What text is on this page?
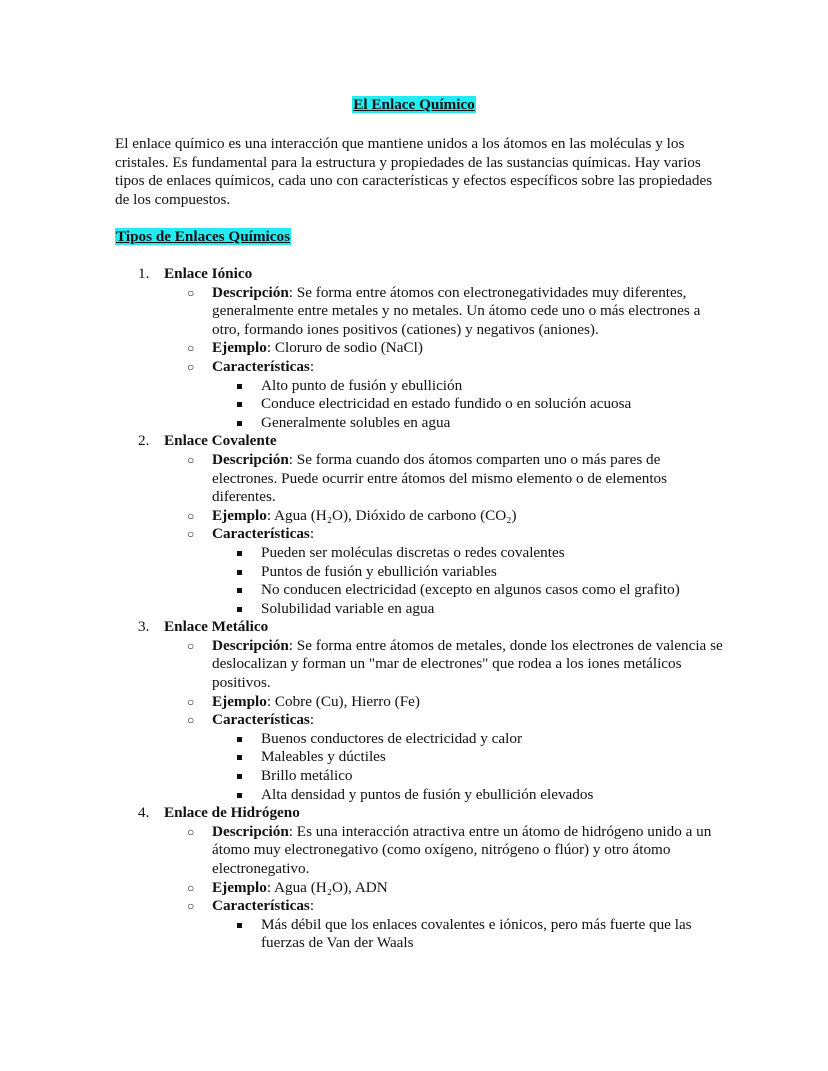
El Enlace Químico

El enlace químico es una interacción que mantiene unidos a los átomos en las moléculas y los cristales. Es fundamental para la estructura y propiedades de las sustancias químicas. Hay varios tipos de enlaces químicos, cada uno con características y efectos específicos sobre las propiedades de los compuestos.

Tipos de Enlaces Químicos

1. Enlace Iónico
○ Descripción: Se forma entre átomos con electronegatividades muy diferentes, generalmente entre metales y no metales. Un átomo cede uno o más electrones a otro, formando iones positivos (cationes) y negativos (aniones).
○ Ejemplo: Cloruro de sodio (NaCl)
○ Características:
Alto punto de fusión y ebullición
Conduce electricidad en estado fundido o en solución acuosa
Generalmente solubles en agua
2. Enlace Covalente
○ Descripción: Se forma cuando dos átomos comparten uno o más pares de electrones. Puede ocurrir entre átomos del mismo elemento o de elementos diferentes.
○ Ejemplo: Agua (H₂O), Dióxido de carbono (CO₂)
○ Características:
Pueden ser moléculas discretas o redes covalentes
Puntos de fusión y ebullición variables
No conducen electricidad (excepto en algunos casos como el grafito)
Solubilidad variable en agua
3. Enlace Metálico
○ Descripción: Se forma entre átomos de metales, donde los electrones de valencia se deslocalizan y forman un "mar de electrones" que rodea a los iones metálicos positivos.
○ Ejemplo: Cobre (Cu), Hierro (Fe)
○ Características:
Buenos conductores de electricidad y calor
Maleables y dúctiles
Brillo metálico
Alta densidad y puntos de fusión y ebullición elevados
4. Enlace de Hidrógeno
○ Descripción: Es una interacción atractiva entre un átomo de hidrógeno unido a un átomo muy electronegativo (como oxígeno, nitrógeno o flúor) y otro átomo electronegativo.
○ Ejemplo: Agua (H₂O), ADN
○ Características:
Más débil que los enlaces covalentes e iónicos, pero más fuerte que las fuerzas de Van der Waals
